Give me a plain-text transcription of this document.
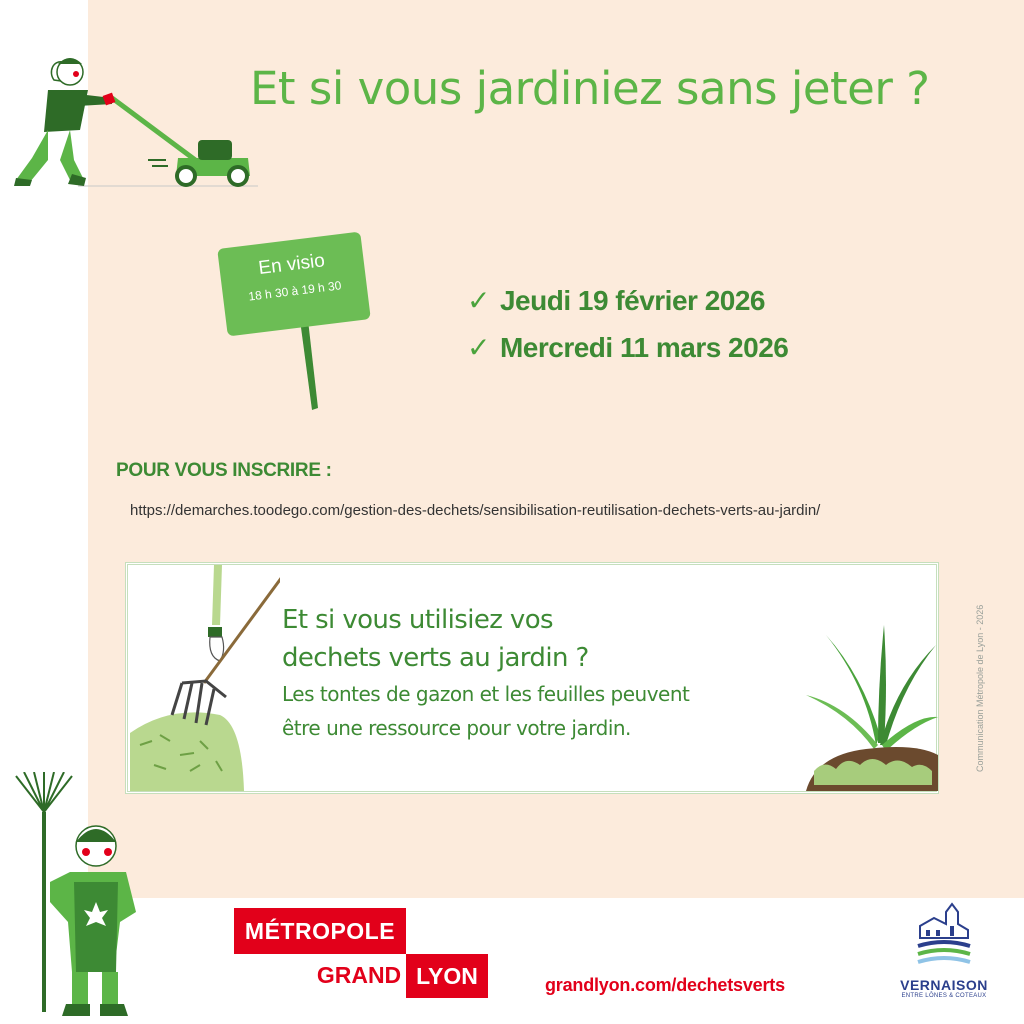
Et si vous jardiniez sans jeter ?
En visio
18 h 30 à 19 h 30	✓ Jeudi 19 février 2026
✓ Mercredi 11 mars 2026
POUR VOUS INSCRIRE :
https://demarches.toodego.com/gestion-des-dechets/sensibilisation-reutilisation-dechets-verts-au-jardin/
Et si vous utilisiez vos
dechets verts au jardin ?
Les tontes de gazon et les feuilles peuvent
être une ressource pour votre jardin.	Communication Métropole de Lyon - 2026
MÉTROPOLE
GRAND LYON	grandlyon.com/dechetsverts	VERNAISON
ENTRE LÔNES & COTEAUX
